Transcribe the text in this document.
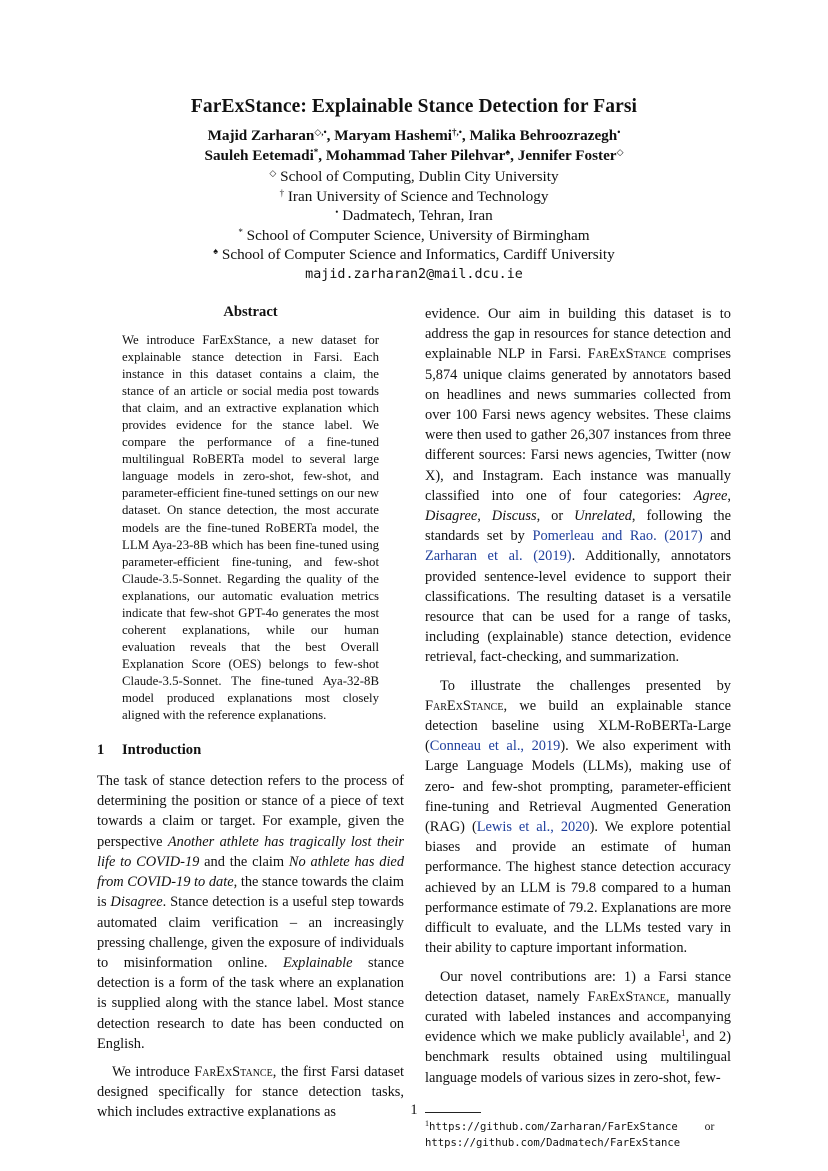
FarExStance: Explainable Stance Detection for Farsi
Majid Zarharan◇,•, Maryam Hashemi†,•, Malika Behroozrazegh•
Sauleh Eetemadi*, Mohammad Taher Pilehvar♠, Jennifer Foster◇
◇ School of Computing, Dublin City University
† Iran University of Science and Technology
• Dadmatech, Tehran, Iran
* School of Computer Science, University of Birmingham
♠ School of Computer Science and Informatics, Cardiff University
majid.zarharan2@mail.dcu.ie
Abstract

We introduce FarExStance, a new dataset for explainable stance detection in Farsi. Each instance in this dataset contains a claim, the stance of an article or social media post towards that claim, and an extractive explanation which provides evidence for the stance label. We compare the performance of a fine-tuned multilingual RoBERTa model to several large language models in zero-shot, few-shot, and parameter-efficient fine-tuned settings on our new dataset. On stance detection, the most accurate models are the fine-tuned RoBERTa model, the LLM Aya-23-8B which has been fine-tuned using parameter-efficient fine-tuning, and few-shot Claude-3.5-Sonnet. Regarding the quality of the explanations, our automatic evaluation metrics indicate that few-shot GPT-4o generates the most coherent explanations, while our human evaluation reveals that the best Overall Explanation Score (OES) belongs to few-shot Claude-3.5-Sonnet. The fine-tuned Aya-32-8B model produced explanations most closely aligned with the reference explanations.

1 Introduction

The task of stance detection refers to the process of determining the position or stance of a piece of text towards a claim or target. For example, given the perspective Another athlete has tragically lost their life to COVID-19 and the claim No athlete has died from COVID-19 to date, the stance towards the claim is Disagree. Stance detection is a useful step towards automated claim verification – an increasingly pressing challenge, given the exposure of individuals to misinformation online. Explainable stance detection is a form of the task where an explanation is supplied along with the stance label. Most stance detection research to date has been conducted on English.

We introduce FarExStance, the first Farsi dataset designed specifically for stance detection tasks, which includes extractive explanations as

evidence. Our aim in building this dataset is to address the gap in resources for stance detection and explainable NLP in Farsi. FarExStance comprises 5,874 unique claims generated by annotators based on headlines and news summaries collected from over 100 Farsi news agency websites. These claims were then used to gather 26,307 instances from three different sources: Farsi news agencies, Twitter (now X), and Instagram. Each instance was manually classified into one of four categories: Agree, Disagree, Discuss, or Unrelated, following the standards set by Pomerleau and Rao. (2017) and Zarharan et al. (2019). Additionally, annotators provided sentence-level evidence to support their classifications. The resulting dataset is a versatile resource that can be used for a range of tasks, including (explainable) stance detection, evidence retrieval, fact-checking, and summarization.

To illustrate the challenges presented by FarExStance, we build an explainable stance detection baseline using XLM-RoBERTa-Large (Conneau et al., 2019). We also experiment with Large Language Models (LLMs), making use of zero- and few-shot prompting, parameter-efficient fine-tuning and Retrieval Augmented Generation (RAG) (Lewis et al., 2020). We explore potential biases and provide an estimate of human performance. The highest stance detection accuracy achieved by an LLM is 79.8 compared to a human performance estimate of 79.2. Explanations are more difficult to evaluate, and the LLMs tested vary in their ability to capture important information.

Our novel contributions are: 1) a Farsi stance detection dataset, namely FarExStance, manually curated with labeled instances and accompanying evidence which we make publicly available$^1$, and 2) benchmark results obtained using multilingual language models of various sizes in zero-shot, few-

$^1$https://github.com/Zarharan/FarExStance or
https://github.com/Dadmatech/FarExStance

1
